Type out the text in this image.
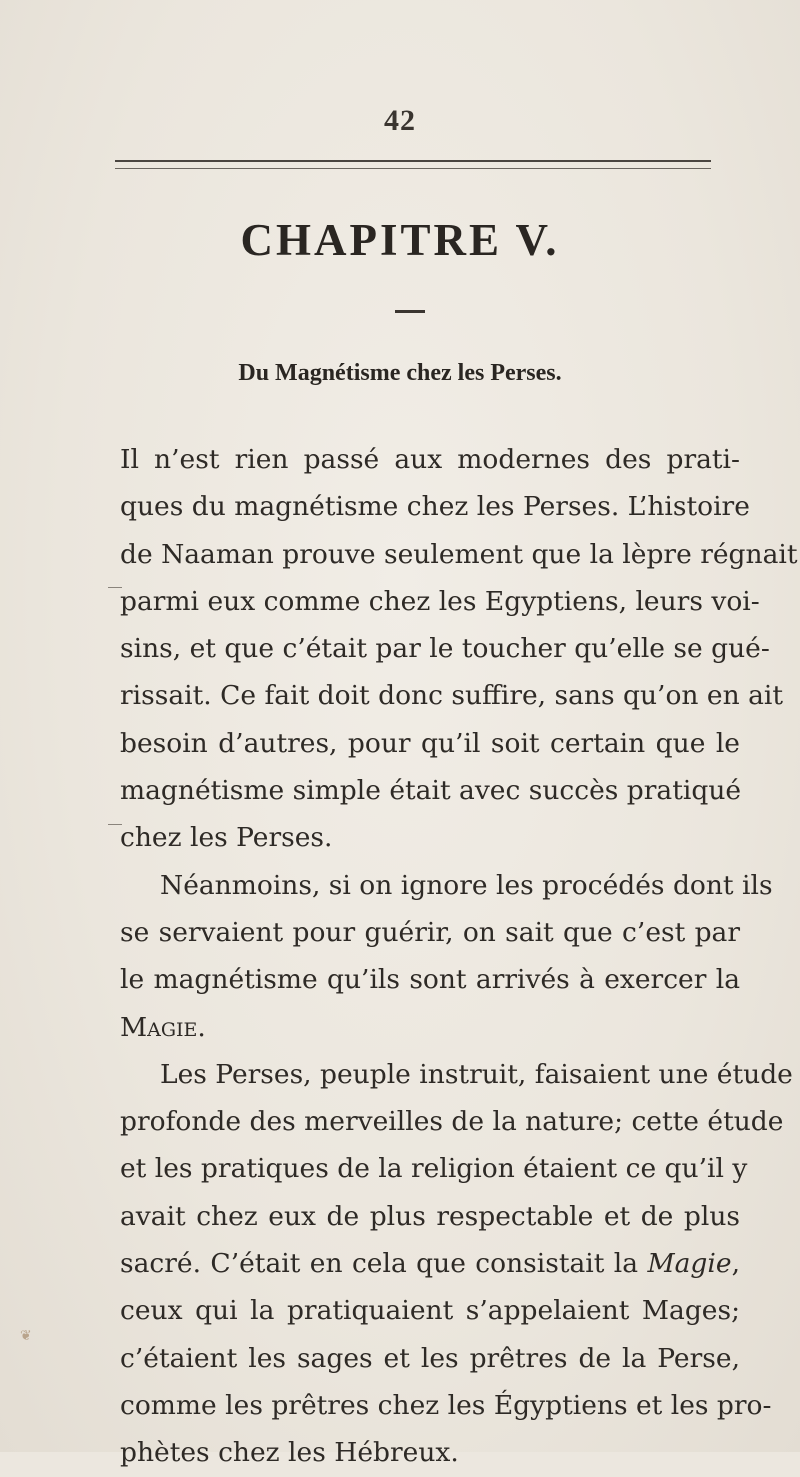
42
CHAPITRE V.
Du Magnétisme chez les Perses.
Il n’est rien passé aux modernes des prati-
ques du magnétisme chez les Perses. L’histoire
de Naaman prouve seulement que la lèpre régnait
parmi eux comme chez les Egyptiens, leurs voi-
sins, et que c’était par le toucher qu’elle se gué-
rissait. Ce fait doit donc suffire, sans qu’on en ait
besoin d’autres, pour qu’il soit certain que le
magnétisme simple était avec succès pratiqué
chez les Perses.
Néanmoins, si on ignore les procédés dont ils
se servaient pour guérir, on sait que c’est par
le magnétisme qu’ils sont arrivés à exercer la
Magie.
Les Perses, peuple instruit, faisaient une étude
profonde des merveilles de la nature; cette étude
et les pratiques de la religion étaient ce qu’il y
avait chez eux de plus respectable et de plus
sacré. C’était en cela que consistait la Magie,
ceux qui la pratiquaient s’appelaient Mages;
c’étaient les sages et les prêtres de la Perse,
comme les prêtres chez les Égyptiens et les pro-
phètes chez les Hébreux.
❦
